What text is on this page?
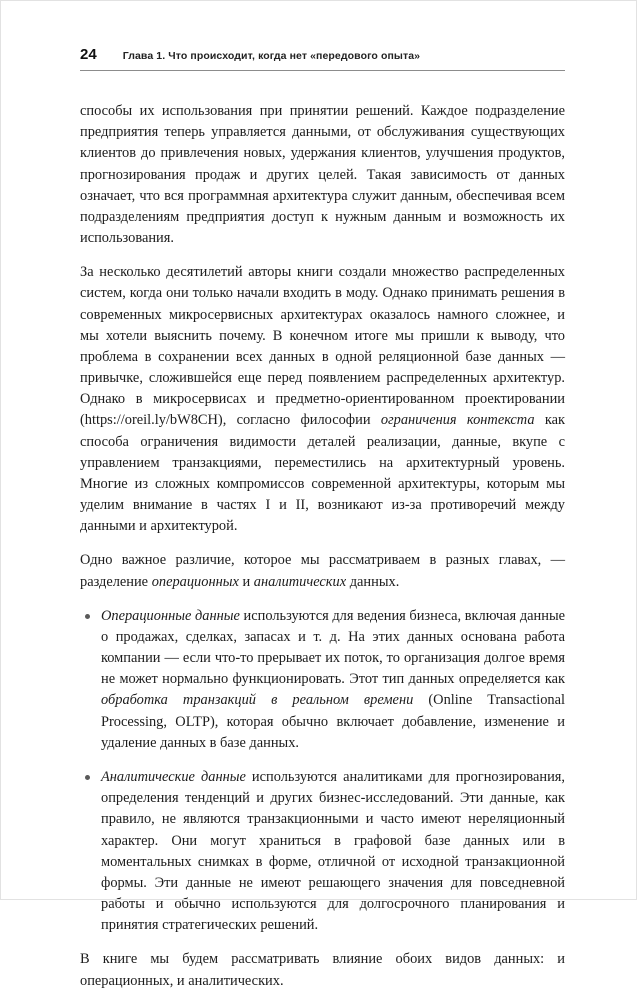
24 Глава 1. Что происходит, когда нет «передового опыта»

способы их использования при принятии решений. Каждое подразделение предприятия теперь управляется данными, от обслуживания существующих клиентов до привлечения новых, удержания клиентов, улучшения продуктов, прогнозирования продаж и других целей. Такая зависимость от данных означает, что вся программная архитектура служит данным, обеспечивая всем подразделениям предприятия доступ к нужным данным и возможность их использования.

За несколько десятилетий авторы книги создали множество распределенных систем, когда они только начали входить в моду. Однако принимать решения в современных микросервисных архитектурах оказалось намного сложнее, и мы хотели выяснить почему. В конечном итоге мы пришли к выводу, что проблема в сохранении всех данных в одной реляционной базе данных — привычке, сложившейся еще перед появлением распределенных архитектур. Однако в микросервисах и предметно-ориентированном проектировании (https://oreil.ly/bW8CH), согласно философии ограничения контекста как способа ограничения видимости деталей реализации, данные, вкупе с управлением транзакциями, переместились на архитектурный уровень. Многие из сложных компромиссов современной архитектуры, которым мы уделим внимание в частях I и II, возникают из-за противоречий между данными и архитектурой.

Одно важное различие, которое мы рассматриваем в разных главах, — разделение операционных и аналитических данных.

Операционные данные используются для ведения бизнеса, включая данные о продажах, сделках, запасах и т. д. На этих данных основана работа компании — если что-то прерывает их поток, то организация долгое время не может нормально функционировать. Этот тип данных определяется как обработка транзакций в реальном времени (Online Transactional Processing, OLTP), которая обычно включает добавление, изменение и удаление данных в базе данных.
Аналитические данные используются аналитиками для прогнозирования, определения тенденций и других бизнес-исследований. Эти данные, как правило, не являются транзакционными и часто имеют нереляционный характер. Они могут храниться в графовой базе данных или в моментальных снимках в форме, отличной от исходной транзакционной формы. Эти данные не имеют решающего значения для повседневной работы и обычно используются для долгосрочного планирования и принятия стратегических решений.

В книге мы будем рассматривать влияние обоих видов данных: и операционных, и аналитических.
